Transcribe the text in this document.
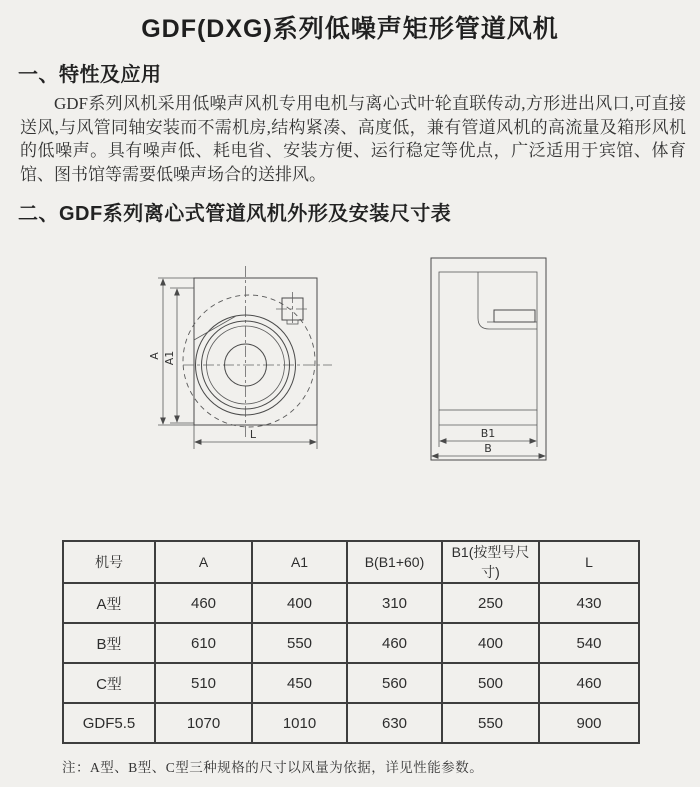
GDF(DXG)系列低噪声矩形管道风机
一、特性及应用
GDF系列风机采用低噪声风机专用电机与离心式叶轮直联传动,方形进出风口,可直接送风,与风管同轴安装而不需机房,结构紧凑、高度低，兼有管道风机的高流量及箱形风机的低噪声。具有噪声低、耗电省、安装方便、运行稳定等优点，广泛适用于宾馆、体育馆、图书馆等需要低噪声场合的送排风。
二、GDF系列离心式管道风机外形及安装尺寸表
A A1
L	B1
B
机号	A	A1	B(B1+60)	B1(按型号尺寸)	L
A型	460	400	310	250	430
B型	610	550	460	400	540
C型	510	450	560	500	460
GDF5.5	1070	1010	630	550	900
注：A型、B型、C型三种规格的尺寸以风量为依据，详见性能参数。
